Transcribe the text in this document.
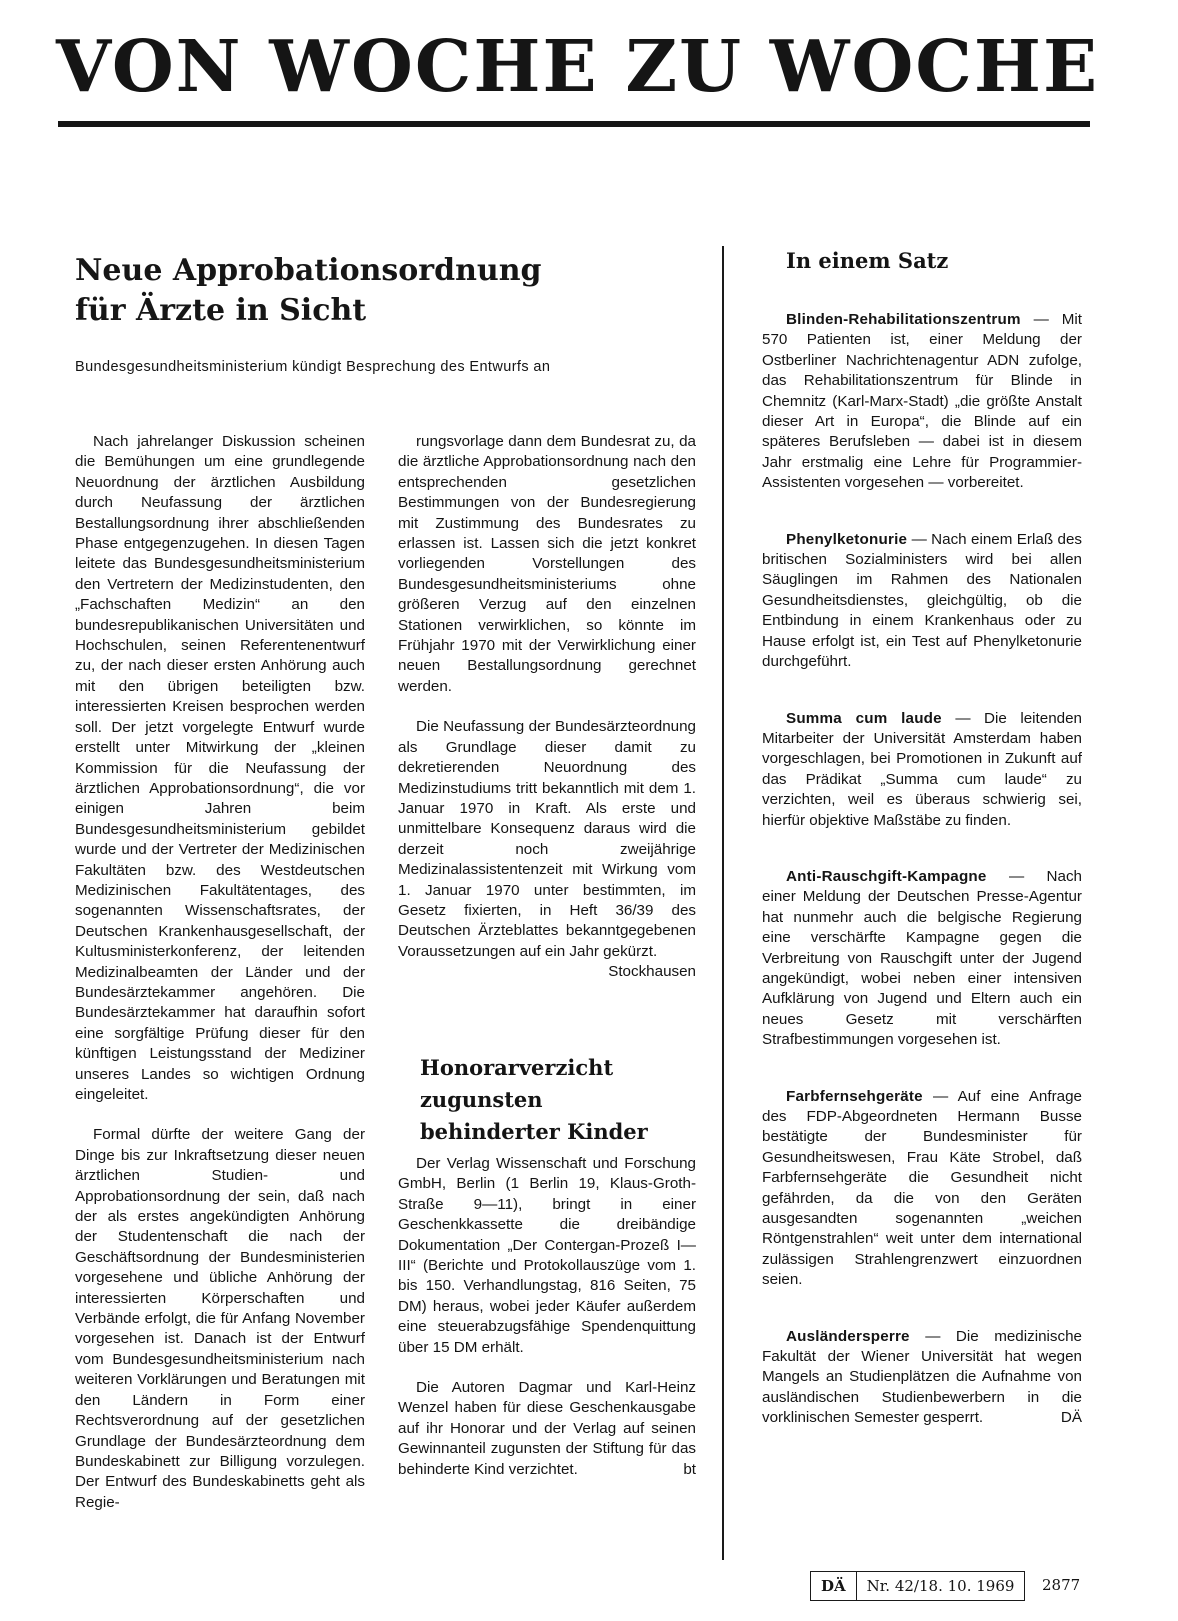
VON WOCHE ZU WOCHE
Neue Approbationsordnung
für Ärzte in Sicht
Bundesgesundheitsministerium kündigt Besprechung des Entwurfs an

Nach jahrelanger Diskussion scheinen die Bemühungen um eine grundlegende Neuordnung der ärztlichen Ausbildung durch Neufassung der ärztlichen Bestallungsordnung ihrer abschließenden Phase entgegenzugehen. In diesen Tagen leitete das Bundesgesundheitsministerium den Vertretern der Medizinstudenten, den „Fachschaften Medizin“ an den bundesrepublikanischen Universitäten und Hochschulen, seinen Referentenentwurf zu, der nach dieser ersten Anhörung auch mit den übrigen beteiligten bzw. interessierten Kreisen besprochen werden soll. Der jetzt vorgelegte Entwurf wurde erstellt unter Mitwirkung der „kleinen Kommission für die Neufassung der ärztlichen Approbationsordnung“, die vor einigen Jahren beim Bundesgesundheitsministerium gebildet wurde und der Vertreter der Medizinischen Fakultäten bzw. des Westdeutschen Medizinischen Fakultätentages, des sogenannten Wissenschaftsrates, der Deutschen Krankenhausgesellschaft, der Kultusministerkonferenz, der leitenden Medizinalbeamten der Länder und der Bundesärztekammer angehören. Die Bundesärztekammer hat daraufhin sofort eine sorgfältige Prüfung dieser für den künftigen Leistungsstand der Mediziner unseres Landes so wichtigen Ordnung eingeleitet.

Formal dürfte der weitere Gang der Dinge bis zur Inkraftsetzung dieser neuen ärztlichen Studien- und Approbationsordnung der sein, daß nach der als erstes angekündigten Anhörung der Studentenschaft die nach der Geschäftsordnung der Bundesministerien vorgesehene und übliche Anhörung der interessierten Körperschaften und Verbände erfolgt, die für Anfang November vorgesehen ist. Danach ist der Entwurf vom Bundesgesundheitsministerium nach weiteren Vorklärungen und Beratungen mit den Ländern in Form einer Rechtsverordnung auf der gesetzlichen Grundlage der Bundesärzteordnung dem Bundeskabinett zur Billigung vorzulegen. Der Entwurf des Bundeskabinetts geht als Regie-

rungsvorlage dann dem Bundesrat zu, da die ärztliche Approbationsordnung nach den entsprechenden gesetzlichen Bestimmungen von der Bundesregierung mit Zustimmung des Bundesrates zu erlassen ist. Lassen sich die jetzt konkret vorliegenden Vorstellungen des Bundesgesundheitsministeriums ohne größeren Verzug auf den einzelnen Stationen verwirklichen, so könnte im Frühjahr 1970 mit der Verwirklichung einer neuen Bestallungsordnung gerechnet werden.

Die Neufassung der Bundesärzteordnung als Grundlage dieser damit zu dekretierenden Neuordnung des Medizinstudiums tritt bekanntlich mit dem 1. Januar 1970 in Kraft. Als erste und unmittelbare Konsequenz daraus wird die derzeit noch zweijährige Medizinalassistentenzeit mit Wirkung vom 1. Januar 1970 unter bestimmten, im Gesetz fixierten, in Heft 36/39 des Deutschen Ärzteblattes bekanntgegebenen Voraussetzungen auf ein Jahr gekürzt.
Stockhausen

Honorarverzicht
zugunsten
behinderter Kinder

Der Verlag Wissenschaft und Forschung GmbH, Berlin (1 Berlin 19, Klaus-Groth-Straße 9—11), bringt in einer Geschenkkassette die dreibändige Dokumentation „Der Contergan-Prozeß I—III“ (Berichte und Protokollauszüge vom 1. bis 150. Verhandlungstag, 816 Seiten, 75 DM) heraus, wobei jeder Käufer außerdem eine steuerabzugsfähige Spendenquittung über 15 DM erhält.

Die Autoren Dagmar und Karl-Heinz Wenzel haben für diese Geschenkausgabe auf ihr Honorar und der Verlag auf seinen Gewinnanteil zugunsten der Stiftung für das behinderte Kind verzichtet.	bt

In einem Satz
Blinden-Rehabilitationszentrum — Mit 570 Patienten ist, einer Meldung der Ostberliner Nachrichtenagentur ADN zufolge, das Rehabilitationszentrum für Blinde in Chemnitz (Karl-Marx-Stadt) „die größte Anstalt dieser Art in Europa“, die Blinde auf ein späteres Berufsleben — dabei ist in diesem Jahr erstmalig eine Lehre für Programmier-Assistenten vorgesehen — vorbereitet.
Phenylketonurie — Nach einem Erlaß des britischen Sozialministers wird bei allen Säuglingen im Rahmen des Nationalen Gesundheitsdienstes, gleichgültig, ob die Entbindung in einem Krankenhaus oder zu Hause erfolgt ist, ein Test auf Phenylketonurie durchgeführt.
Summa cum laude — Die leitenden Mitarbeiter der Universität Amsterdam haben vorgeschlagen, bei Promotionen in Zukunft auf das Prädikat „Summa cum laude“ zu verzichten, weil es überaus schwierig sei, hierfür objektive Maßstäbe zu finden.
Anti-Rauschgift-Kampagne — Nach einer Meldung der Deutschen Presse-Agentur hat nunmehr auch die belgische Regierung eine verschärfte Kampagne gegen die Verbreitung von Rauschgift unter der Jugend angekündigt, wobei neben einer intensiven Aufklärung von Jugend und Eltern auch ein neues Gesetz mit verschärften Strafbestimmungen vorgesehen ist.
Farbfernsehgeräte — Auf eine Anfrage des FDP-Abgeordneten Hermann Busse bestätigte der Bundesminister für Gesundheitswesen, Frau Käte Strobel, daß Farbfernsehgeräte die Gesundheit nicht gefährden, da die von den Geräten ausgesandten sogenannten „weichen Röntgenstrahlen“ weit unter dem international zulässigen Strahlengrenzwert einzuordnen seien.
Ausländersperre — Die medizinische Fakultät der Wiener Universität hat wegen Mangels an Studienplätzen die Aufnahme von ausländischen Studienbewerbern in die vorklinischen Semester gesperrt.	DÄ
DÄ	Nr. 42/18. 10. 1969	2877
